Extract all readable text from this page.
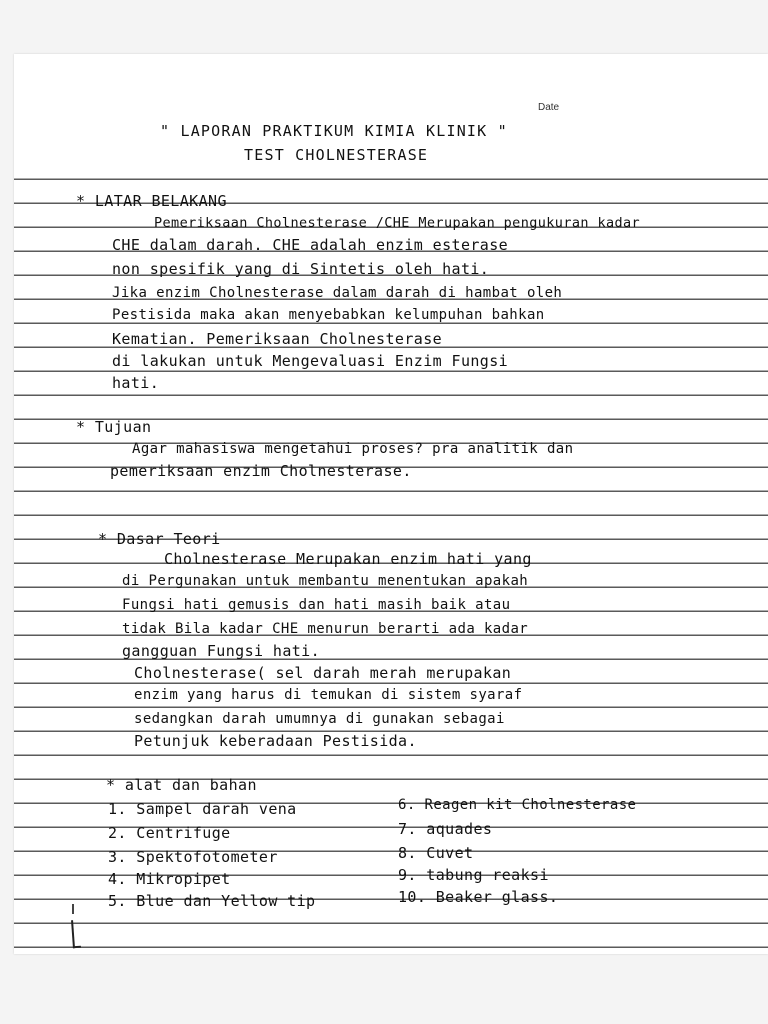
Date
" LAPORAN PRAKTIKUM KIMIA KLINIK "
TEST CHOLNESTERASE
* LATAR BELAKANG
Pemeriksaan Cholnesterase /CHE Merupakan pengukuran kadar
CHE dalam darah. CHE adalah enzim esterase
non spesifik yang di Sintetis oleh hati.
Jika enzim Cholnesterase dalam darah di hambat oleh
Pestisida maka akan menyebabkan kelumpuhan bahkan
Kematian. Pemeriksaan Cholnesterase
di lakukan untuk Mengevaluasi Enzim Fungsi
hati.
* Tujuan
Agar mahasiswa mengetahui proses? pra analitik dan
pemeriksaan enzim Cholnesterase.
* Dasar Teori
Cholnesterase Merupakan enzim hati yang
di Pergunakan untuk membantu menentukan apakah
Fungsi hati gemusis dan hati masih baik atau
tidak Bila kadar CHE menurun berarti ada kadar
gangguan Fungsi hati.
Cholnesterase( sel darah merah merupakan
enzim yang harus di temukan di sistem syaraf
sedangkan darah umumnya di gunakan sebagai
Petunjuk keberadaan Pestisida.
* alat dan bahan
1. Sampel darah vena
2. Centrifuge
3. Spektofotometer
4. Mikropipet
5. Blue dan Yellow tip
6. Reagen kit Cholnesterase
7. aquades
8. Cuvet
9. tabung reaksi
10. Beaker glass.
